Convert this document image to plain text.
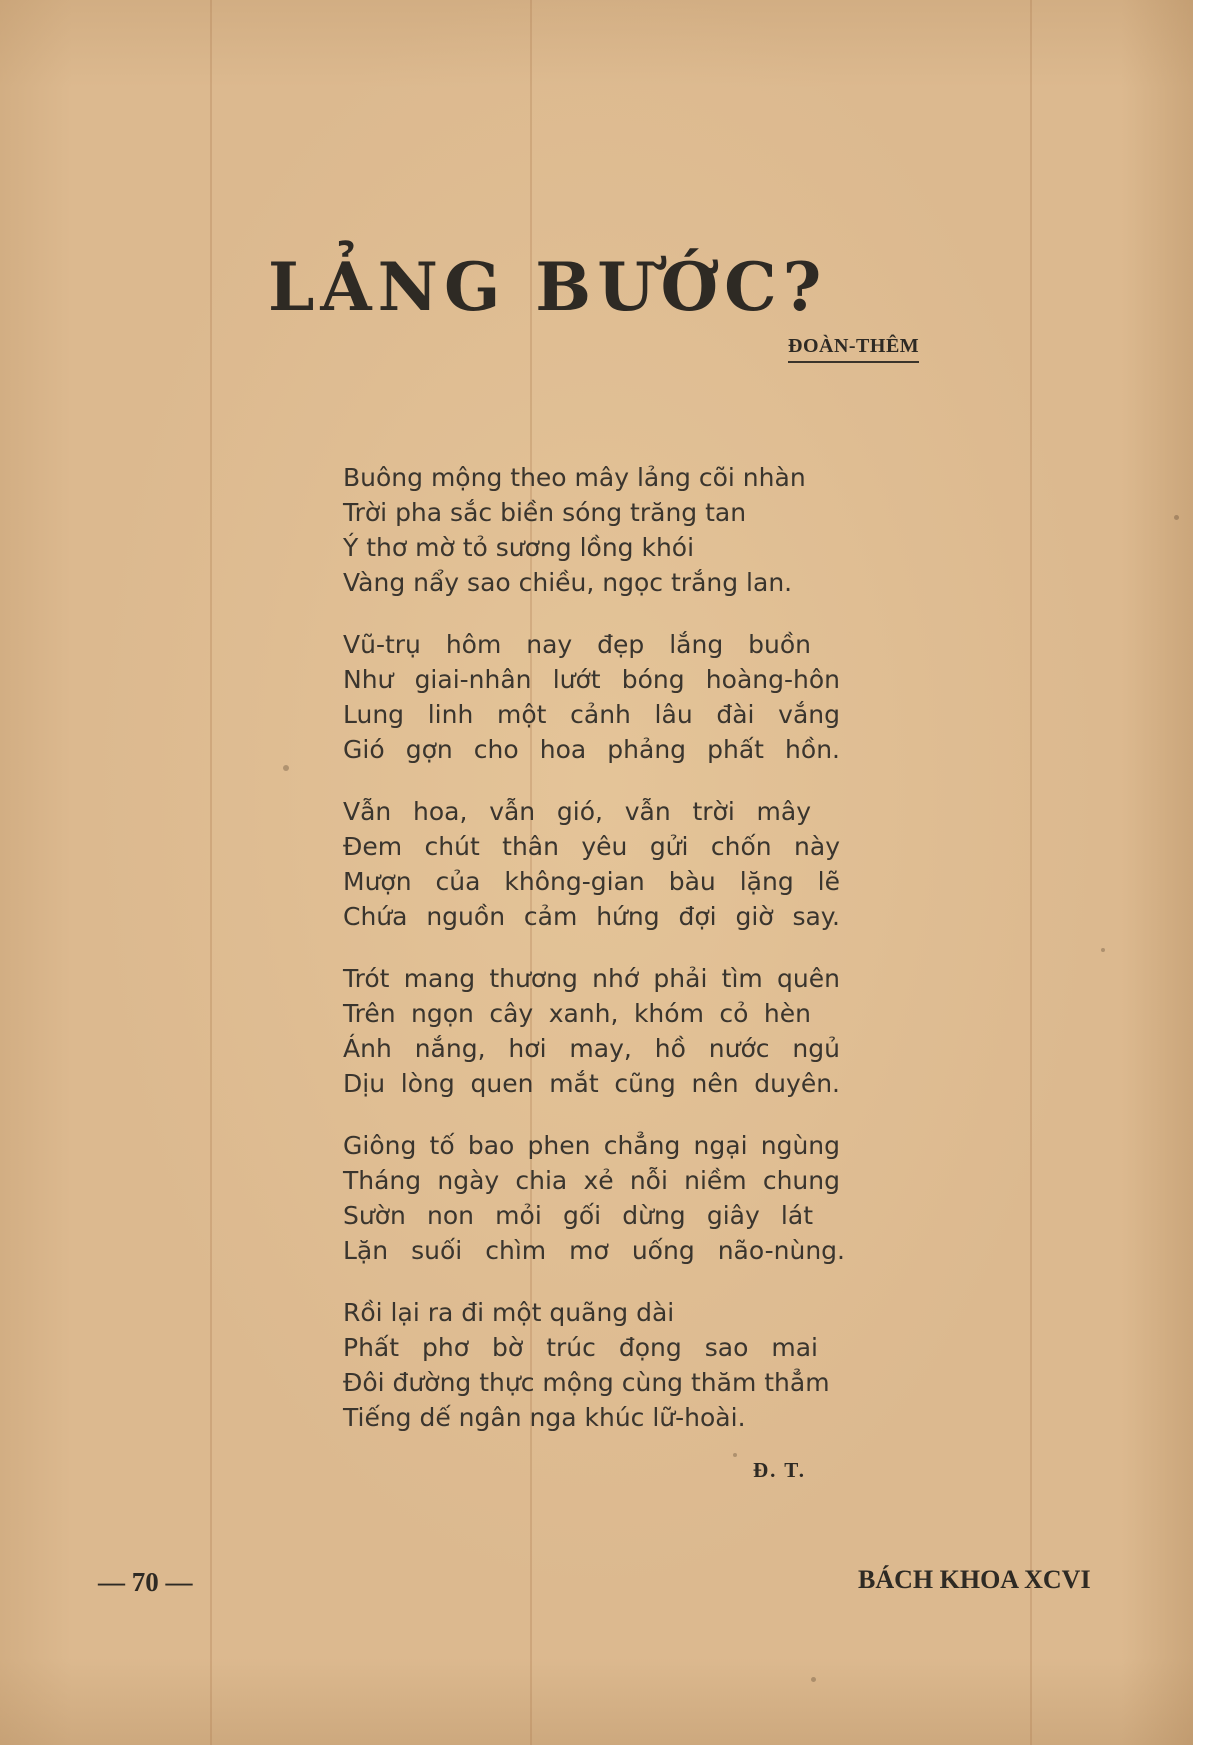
LẢNG BƯỚC?
ĐOÀN-THÊM
Buông mộng theo mây lảng cõi nhàn
Trời pha sắc biền sóng trăng tan
Ý thơ mờ tỏ sương lồng khói
Vàng nẩy sao chiều, ngọc trắng lan.
Vũ-trụ hôm nay đẹp lắng buồn
Như giai-nhân lướt bóng hoàng-hôn
Lung linh một cảnh lâu đài vắng
Gió gợn cho hoa phảng phất hồn.
Vẫn hoa, vẫn gió, vẫn trời mây
Đem chút thân yêu gửi chốn này
Mượn của không-gian bàu lặng lẽ
Chứa nguồn cảm hứng đợi giờ say.
Trót mang thương nhớ phải tìm quên
Trên ngọn cây xanh, khóm cỏ hèn
Ánh nắng, hơi may, hồ nước ngủ
Dịu lòng quen mắt cũng nên duyên.
Giông tố bao phen chẳng ngại ngùng
Tháng ngày chia xẻ nỗi niềm chung
Sườn non mỏi gối dừng giây lát
Lặn suối chìm mơ uống não-nùng.
Rồi lại ra đi một quãng dài
Phất phơ bờ trúc đọng sao mai
Đôi đường thực mộng cùng thăm thẳm
Tiếng dế ngân nga khúc lữ-hoài.
Đ. T.
— 70 —	BÁCH KHOA XCVI
